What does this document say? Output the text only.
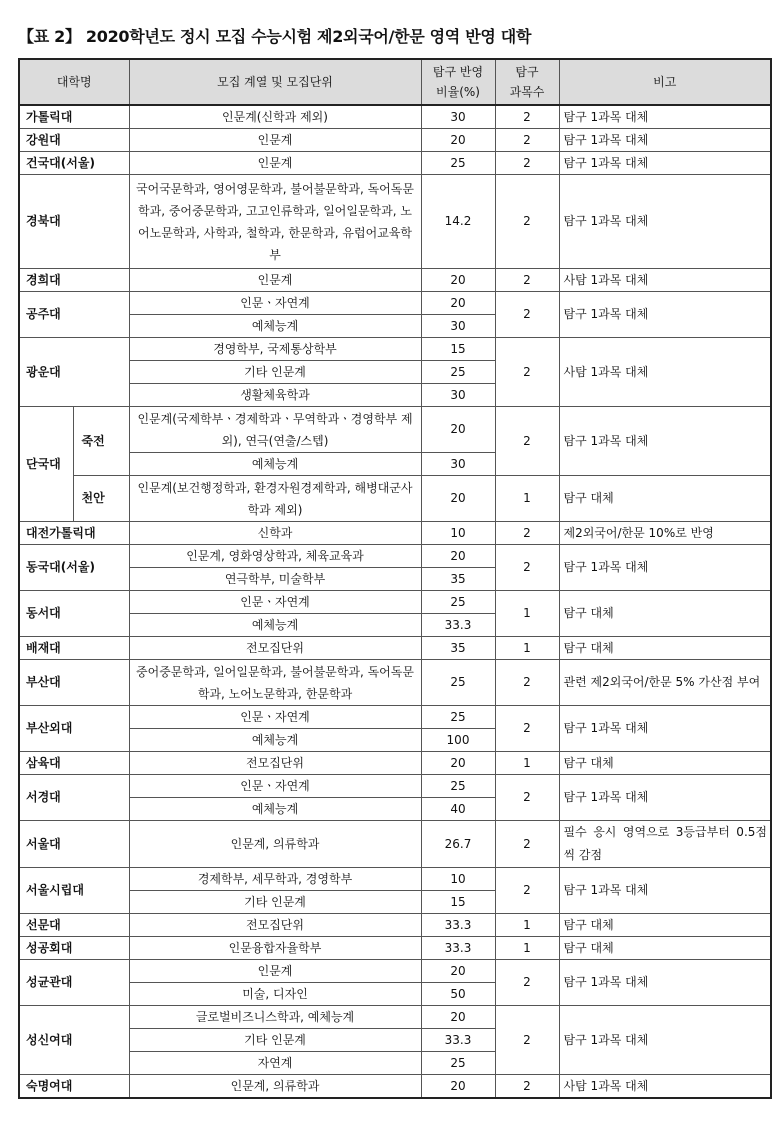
【표 2】 2020학년도 정시 모집 수능시험 제2외국어/한문 영역 반영 대학
대학명		모집 계열 및 모집단위	탐구 반영 비율(%)	탐구 과목수	비고
가톨릭대		인문계(신학과 제외)	30	2	탐구 1과목 대체
강원대		인문계	20	2	탐구 1과목 대체
건국대(서울)		인문계	25	2	탐구 1과목 대체
경북대		국어국문학과, 영어영문학과, 불어불문학과, 독어독문학과, 중어중문학과, 고고인류학과, 일어일문학과, 노어노문학과, 사학과, 철학과, 한문학과, 유럽어교육학부	14.2	2	탐구 1과목 대체
경희대		인문계	20	2	사탐 1과목 대체
공주대		인문ㆍ자연계	20	2	탐구 1과목 대체
		예체능계	30		
광운대		경영학부, 국제통상학부	15	2	사탐 1과목 대체
		기타 인문계	25		
		생활체육학과	30		
단국대	죽전	인문계(국제학부ㆍ경제학과ㆍ무역학과ㆍ경영학부 제외), 연극(연출/스텝)	20	2	탐구 1과목 대체
		예체능계	30		
	천안	인문계(보건행정학과, 환경자원경제학과, 해병대군사학과 제외)	20	1	탐구 대체
대전가톨릭대		신학과	10	2	제2외국어/한문 10%로 반영
동국대(서울)		인문계, 영화영상학과, 체육교육과	20	2	탐구 1과목 대체
		연극학부, 미술학부	35		
동서대		인문ㆍ자연계	25	1	탐구 대체
		예체능계	33.3		
배재대		전모집단위	35	1	탐구 대체
부산대		중어중문학과, 일어일문학과, 불어불문학과, 독어독문학과, 노어노문학과, 한문학과	25	2	관련 제2외국어/한문 5% 가산점 부여
부산외대		인문ㆍ자연계	25	2	탐구 1과목 대체
		예체능계	100		
삼육대		전모집단위	20	1	탐구 대체
서경대		인문ㆍ자연계	25	2	탐구 1과목 대체
		예체능계	40		
서울대		인문계, 의류학과	26.7	2	필수 응시 영역으로 3등급부터 0.5점씩 감점
서울시립대		경제학부, 세무학과, 경영학부	10	2	탐구 1과목 대체
		기타 인문계	15		
선문대		전모집단위	33.3	1	탐구 대체
성공회대		인문융합자율학부	33.3	1	탐구 대체
성균관대		인문계	20	2	탐구 1과목 대체
		미술, 디자인	50		
성신여대		글로벌비즈니스학과, 예체능계	20	2	탐구 1과목 대체
		기타 인문계	33.3		
		자연계	25		
숙명여대		인문계, 의류학과	20	2	사탐 1과목 대체
